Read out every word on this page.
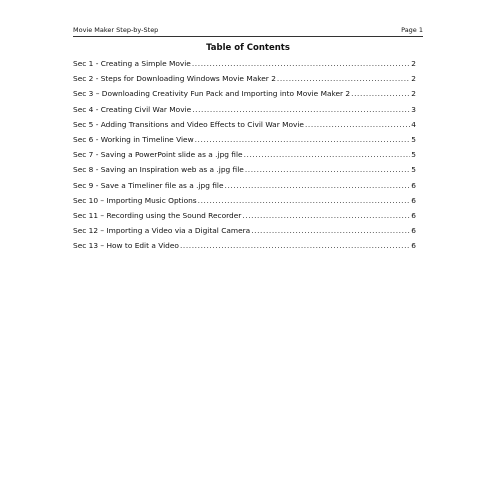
Movie Maker Step-by-Step	Page 1
Table of Contents
Sec 1 - Creating a Simple Movie .....	2
Sec 2 - Steps for Downloading Windows Movie Maker 2 .....	2
Sec 3 – Downloading Creativity Fun Pack and Importing into Movie Maker 2 .....	2
Sec 4 - Creating Civil War Movie .....	3
Sec 5 - Adding Transitions and Video Effects to Civil War Movie .....	4
Sec 6 - Working in Timeline View .....	5
Sec 7 - Saving a PowerPoint slide as a .jpg file .....	5
Sec 8 - Saving an Inspiration web as a .jpg file .....	5
Sec 9 - Save a Timeliner file as a .jpg file .....	6
Sec 10 – Importing Music Options .....	6
Sec 11 – Recording using the Sound Recorder .....	6
Sec 12 – Importing a Video via a Digital Camera .....	6
Sec 13 – How to Edit a Video .....	6
